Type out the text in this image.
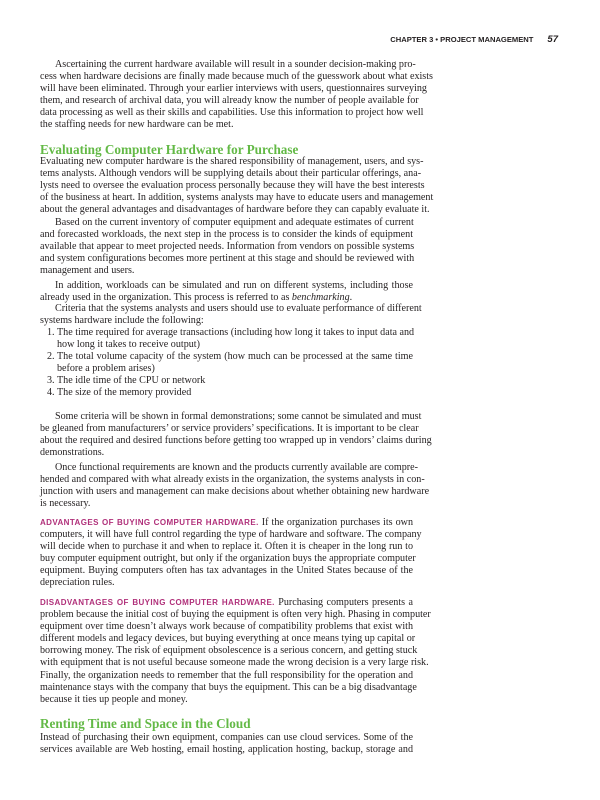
CHAPTER 3 • PROJECT MANAGEMENT 57
Ascertaining the current hardware available will result in a sounder decision-making pro-
cess when hardware decisions are finally made because much of the guesswork about what exists
will have been eliminated. Through your earlier interviews with users, questionnaires surveying
them, and research of archival data, you will already know the number of people available for
data processing as well as their skills and capabilities. Use this information to project how well
the staffing needs for new hardware can be met.
Evaluating Computer Hardware for Purchase
Evaluating new computer hardware is the shared responsibility of management, users, and sys-
tems analysts. Although vendors will be supplying details about their particular offerings, ana-
lysts need to oversee the evaluation process personally because they will have the best interests
of the business at heart. In addition, systems analysts may have to educate users and management
about the general advantages and disadvantages of hardware before they can capably evaluate it.
Based on the current inventory of computer equipment and adequate estimates of current
and forecasted workloads, the next step in the process is to consider the kinds of equipment
available that appear to meet projected needs. Information from vendors on possible systems
and system configurations becomes more pertinent at this stage and should be reviewed with
management and users.
In addition, workloads can be simulated and run on different systems, including those
already used in the organization. This process is referred to as benchmarking.
Criteria that the systems analysts and users should use to evaluate performance of different
systems hardware include the following:
1. The time required for average transactions (including how long it takes to input data and
how long it takes to receive output)
2. The total volume capacity of the system (how much can be processed at the same time
before a problem arises)
3. The idle time of the CPU or network
4. The size of the memory provided
Some criteria will be shown in formal demonstrations; some cannot be simulated and must
be gleaned from manufacturers’ or service providers’ specifications. It is important to be clear
about the required and desired functions before getting too wrapped up in vendors’ claims during
demonstrations.
Once functional requirements are known and the products currently available are compre-
hended and compared with what already exists in the organization, the systems analysts in con-
junction with users and management can make decisions about whether obtaining new hardware
is necessary.
ADVANTAGES OF BUYING COMPUTER HARDWARE. If the organization purchases its own
computers, it will have full control regarding the type of hardware and software. The company
will decide when to purchase it and when to replace it. Often it is cheaper in the long run to
buy computer equipment outright, but only if the organization buys the appropriate computer
equipment. Buying computers often has tax advantages in the United States because of the
depreciation rules.
DISADVANTAGES OF BUYING COMPUTER HARDWARE. Purchasing computers presents a
problem because the initial cost of buying the equipment is often very high. Phasing in computer
equipment over time doesn’t always work because of compatibility problems that exist with
different models and legacy devices, but buying everything at once means tying up capital or
borrowing money. The risk of equipment obsolescence is a serious concern, and getting stuck
with equipment that is not useful because someone made the wrong decision is a very large risk.
Finally, the organization needs to remember that the full responsibility for the operation and
maintenance stays with the company that buys the equipment. This can be a big disadvantage
because it ties up people and money.
Renting Time and Space in the Cloud
Instead of purchasing their own equipment, companies can use cloud services. Some of the
services available are Web hosting, email hosting, application hosting, backup, storage and
